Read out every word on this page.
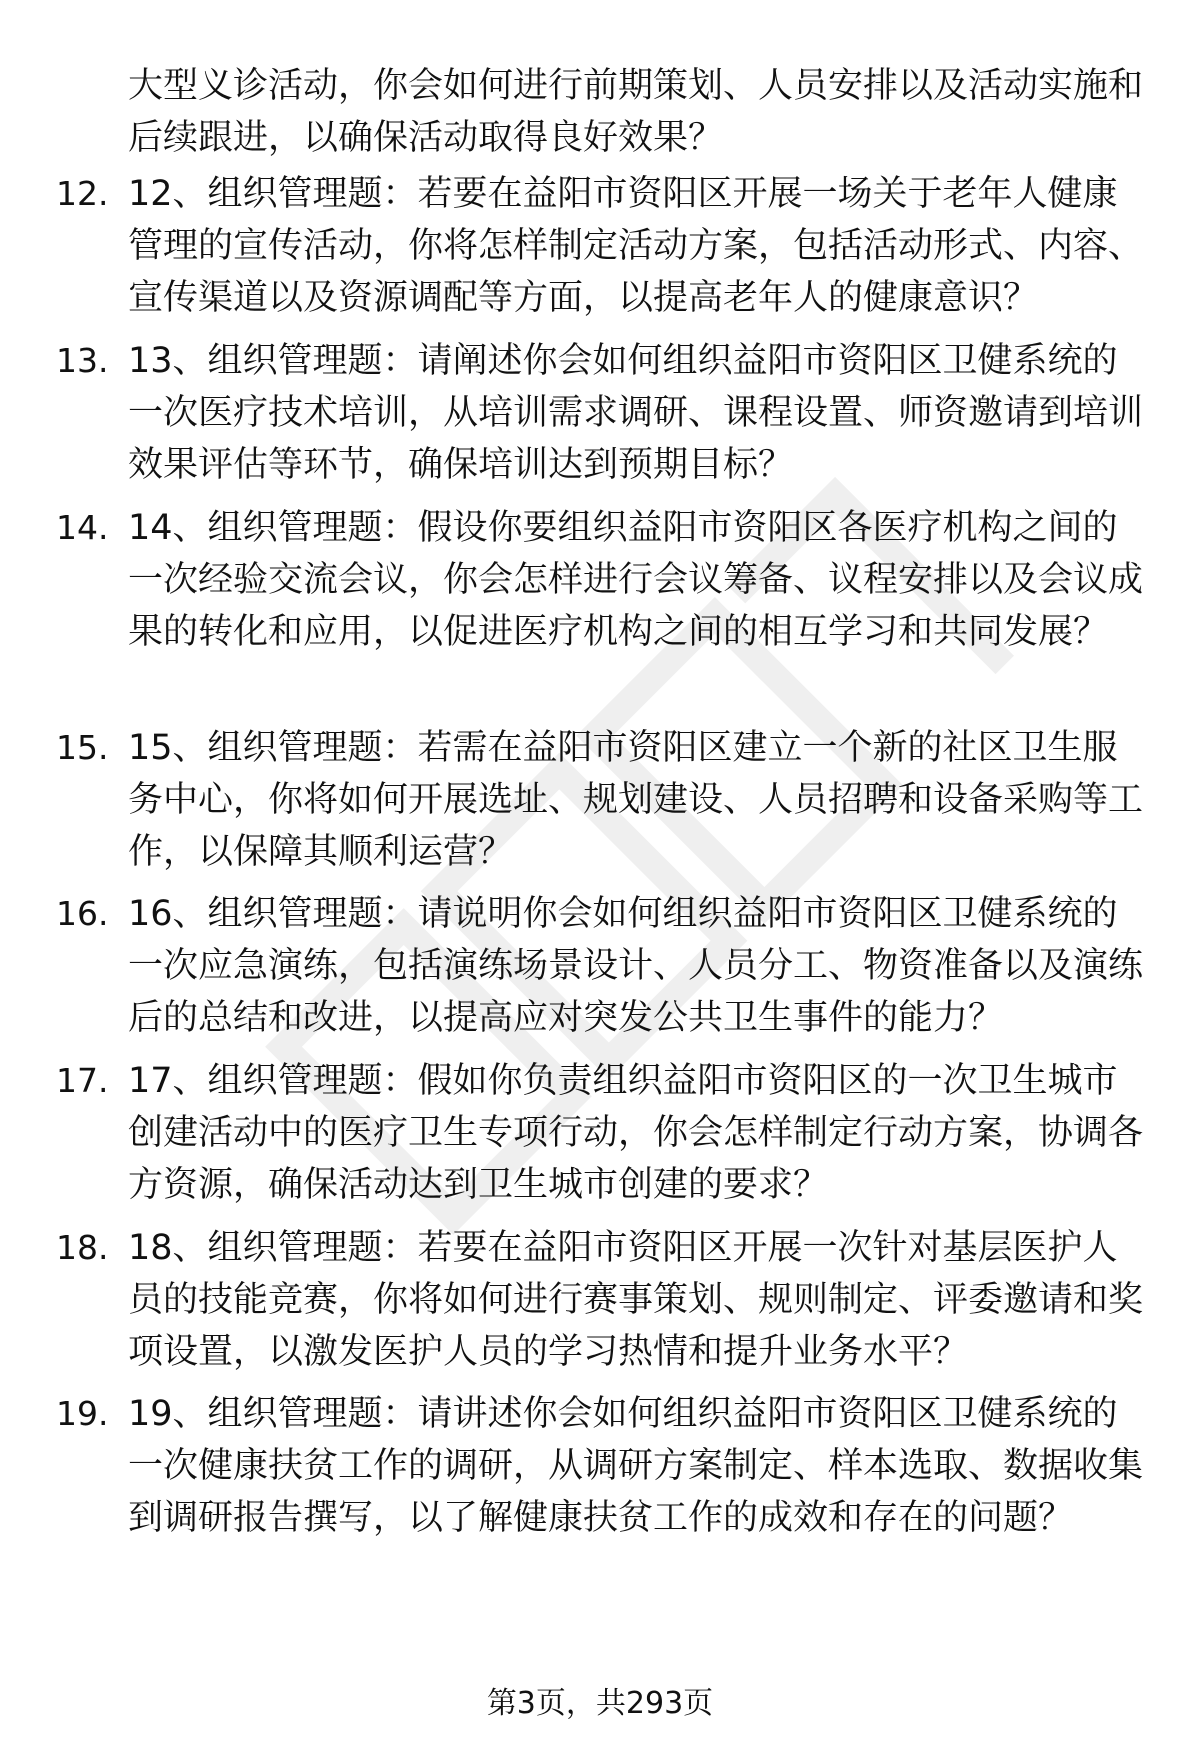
大型义诊活动，你会如何进行前期策划、人员安排以及活动实施和后续跟进，以确保活动取得良好效果？
12. 12、组织管理题：若要在益阳市资阳区开展一场关于老年人健康管理的宣传活动，你将怎样制定活动方案，包括活动形式、内容、宣传渠道以及资源调配等方面，以提高老年人的健康意识？
13. 13、组织管理题：请阐述你会如何组织益阳市资阳区卫健系统的一次医疗技术培训，从培训需求调研、课程设置、师资邀请到培训效果评估等环节，确保培训达到预期目标？
14. 14、组织管理题：假设你要组织益阳市资阳区各医疗机构之间的一次经验交流会议，你会怎样进行会议筹备、议程安排以及会议成果的转化和应用，以促进医疗机构之间的相互学习和共同发展？
15. 15、组织管理题：若需在益阳市资阳区建立一个新的社区卫生服务中心，你将如何开展选址、规划建设、人员招聘和设备采购等工作，以保障其顺利运营？
16. 16、组织管理题：请说明你会如何组织益阳市资阳区卫健系统的一次应急演练，包括演练场景设计、人员分工、物资准备以及演练后的总结和改进，以提高应对突发公共卫生事件的能力？
17. 17、组织管理题：假如你负责组织益阳市资阳区的一次卫生城市创建活动中的医疗卫生专项行动，你会怎样制定行动方案，协调各方资源，确保活动达到卫生城市创建的要求？
18. 18、组织管理题：若要在益阳市资阳区开展一次针对基层医护人员的技能竞赛，你将如何进行赛事策划、规则制定、评委邀请和奖项设置，以激发医护人员的学习热情和提升业务水平？
19. 19、组织管理题：请讲述你会如何组织益阳市资阳区卫健系统的一次健康扶贫工作的调研，从调研方案制定、样本选取、数据收集到调研报告撰写，以了解健康扶贫工作的成效和存在的问题？
第3页，共293页
